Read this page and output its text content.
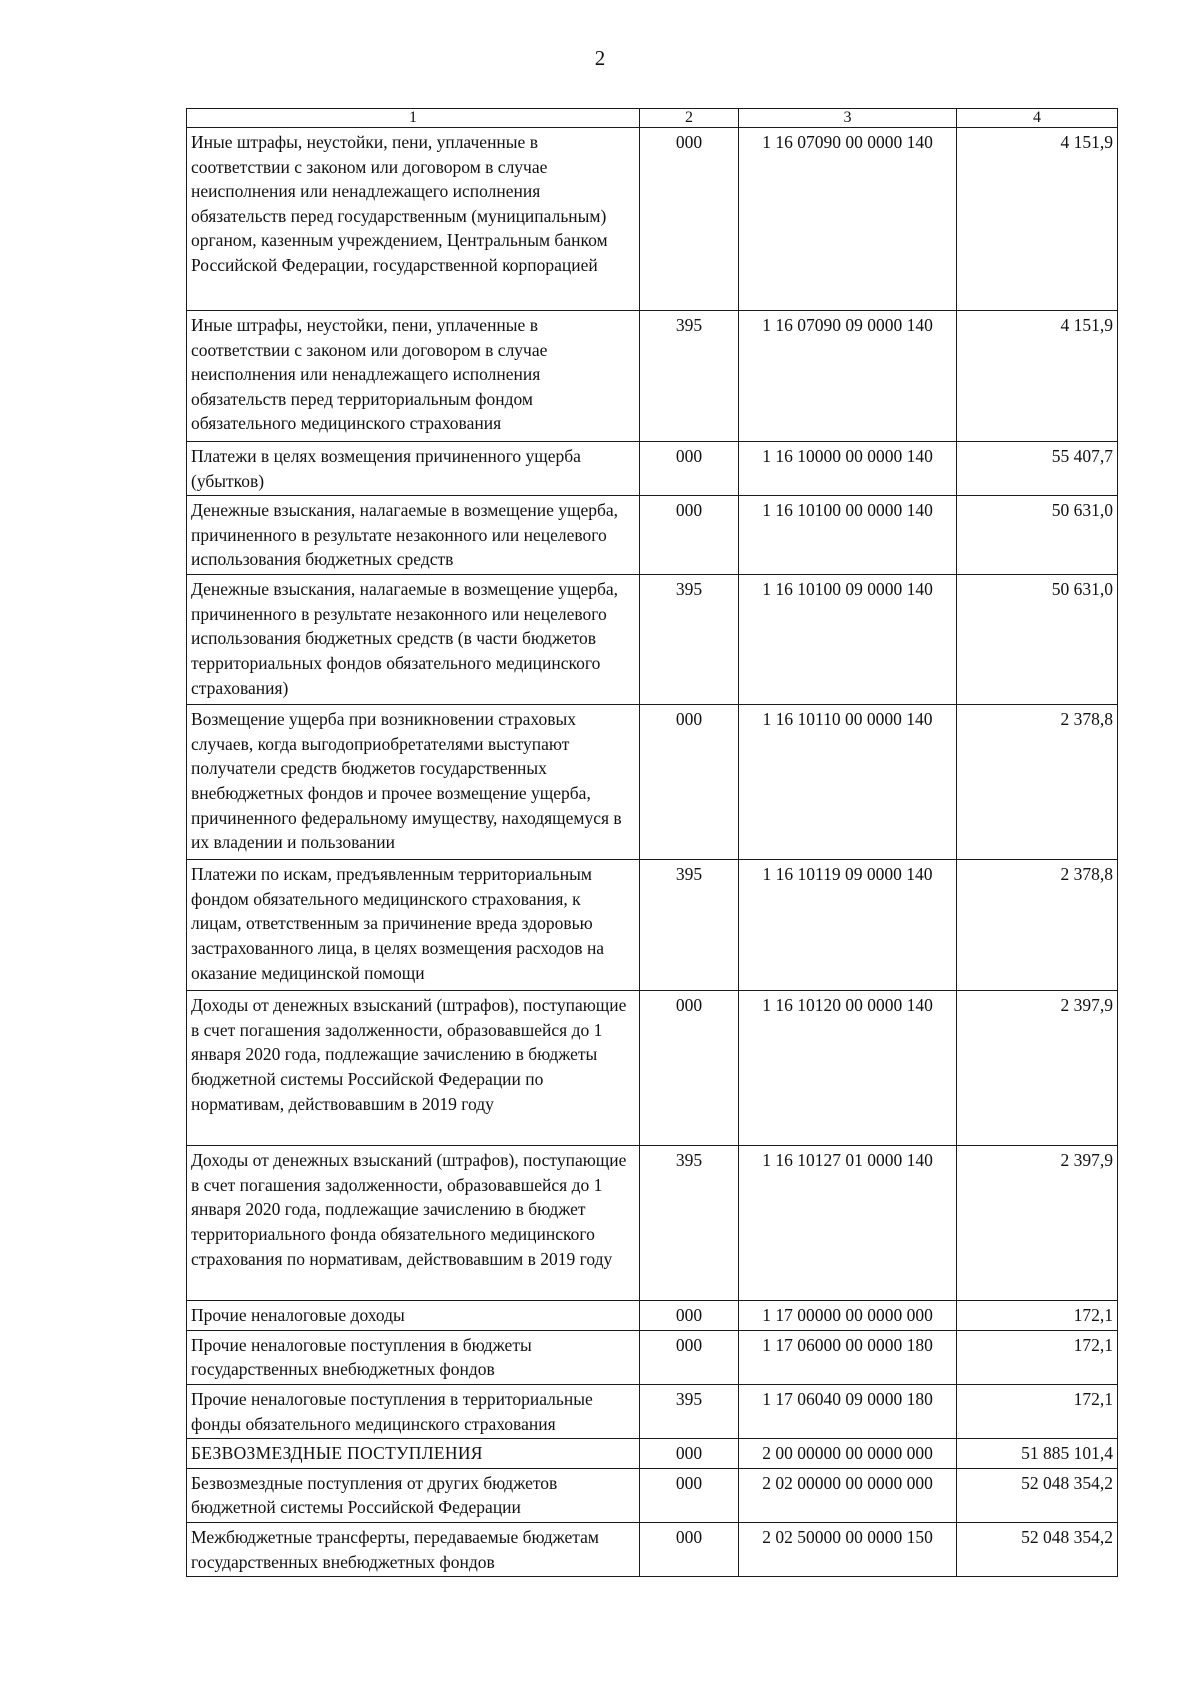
2
1	2	3	4
Иные штрафы, неустойки, пени, уплаченные в соответствии с законом или договором в случае неисполнения или ненадлежащего исполнения обязательств перед государственным (муниципальным) органом, казенным учреждением, Центральным банком Российской Федерации, государственной корпорацией	000	1 16 07090 00 0000 140	4 151,9
Иные штрафы, неустойки, пени, уплаченные в соответствии с законом или договором в случае неисполнения или ненадлежащего исполнения обязательств перед территориальным фондом обязательного медицинского страхования	395	1 16 07090 09 0000 140	4 151,9
Платежи в целях возмещения причиненного ущерба (убытков)	000	1 16 10000 00 0000 140	55 407,7
Денежные взыскания, налагаемые в возмещение ущерба, причиненного в результате незаконного или нецелевого использования бюджетных средств	000	1 16 10100 00 0000 140	50 631,0
Денежные взыскания, налагаемые в возмещение ущерба, причиненного в результате незаконного или нецелевого использования бюджетных средств (в части бюджетов территориальных фондов обязательного медицинского страхования)	395	1 16 10100 09 0000 140	50 631,0
Возмещение ущерба при возникновении страховых случаев, когда выгодоприобретателями выступают получатели средств бюджетов государственных внебюджетных фондов и прочее возмещение ущерба, причиненного федеральному имуществу, находящемуся в их владении и пользовании	000	1 16 10110 00 0000 140	2 378,8
Платежи по искам, предъявленным территориальным фондом обязательного медицинского страхования, к лицам, ответственным за причинение вреда здоровью застрахованного лица, в целях возмещения расходов на оказание медицинской помощи	395	1 16 10119 09 0000 140	2 378,8
Доходы от денежных взысканий (штрафов), поступающие в счет погашения задолженности, образовавшейся до 1 января 2020 года, подлежащие зачислению в бюджеты бюджетной системы Российской Федерации по нормативам, действовавшим в 2019 году	000	1 16 10120 00 0000 140	2 397,9
Доходы от денежных взысканий (штрафов), поступающие в счет погашения задолженности, образовавшейся до 1 января 2020 года, подлежащие зачислению в бюджет территориального фонда обязательного медицинского страхования по нормативам, действовавшим в 2019 году	395	1 16 10127 01 0000 140	2 397,9
Прочие неналоговые доходы	000	1 17 00000 00 0000 000	172,1
Прочие неналоговые поступления в бюджеты государственных внебюджетных фондов	000	1 17 06000 00 0000 180	172,1
Прочие неналоговые поступления в территориальные фонды обязательного медицинского страхования	395	1 17 06040 09 0000 180	172,1
БЕЗВОЗМЕЗДНЫЕ ПОСТУПЛЕНИЯ	000	2 00 00000 00 0000 000	51 885 101,4
Безвозмездные поступления от других бюджетов бюджетной системы Российской Федерации	000	2 02 00000 00 0000 000	52 048 354,2
Межбюджетные трансферты, передаваемые бюджетам государственных внебюджетных фондов	000	2 02 50000 00 0000 150	52 048 354,2
